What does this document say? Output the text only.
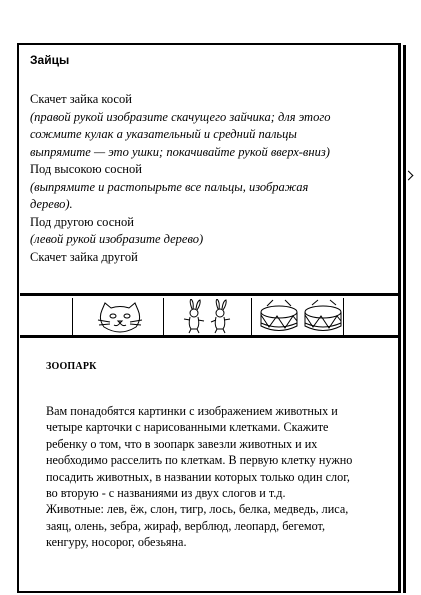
Зайцы
Скачет зайка косой
(правой рукой изобразите скачущего зайчика; для этого
сожмите кулак а указательный и средний пальцы
выпрямите — это ушки; покачивайте рукой вверх-вниз)
Под высокою сосной
(выпрямите и растопырьте все пальцы, изображая
дерево).
Под другою сосной
(левой рукой изобразите дерево)
Скачет зайка другой
ЗООПАРК
Вам понадобятся картинки с изображением животных и
четыре карточки с нарисованными клетками. Скажите
ребенку о том, что в зоопарк завезли животных и их
необходимо расселить по клеткам. В первую клетку нужно
посадить животных, в названии которых только один слог,
во вторую - с названиями из двух слогов и т.д.
Животные: лев, ёж, слон, тигр, лось, белка, медведь, лиса,
заяц, олень, зебра, жираф, верблюд, леопард, бегемот,
кенгуру, носорог, обезьяна.
